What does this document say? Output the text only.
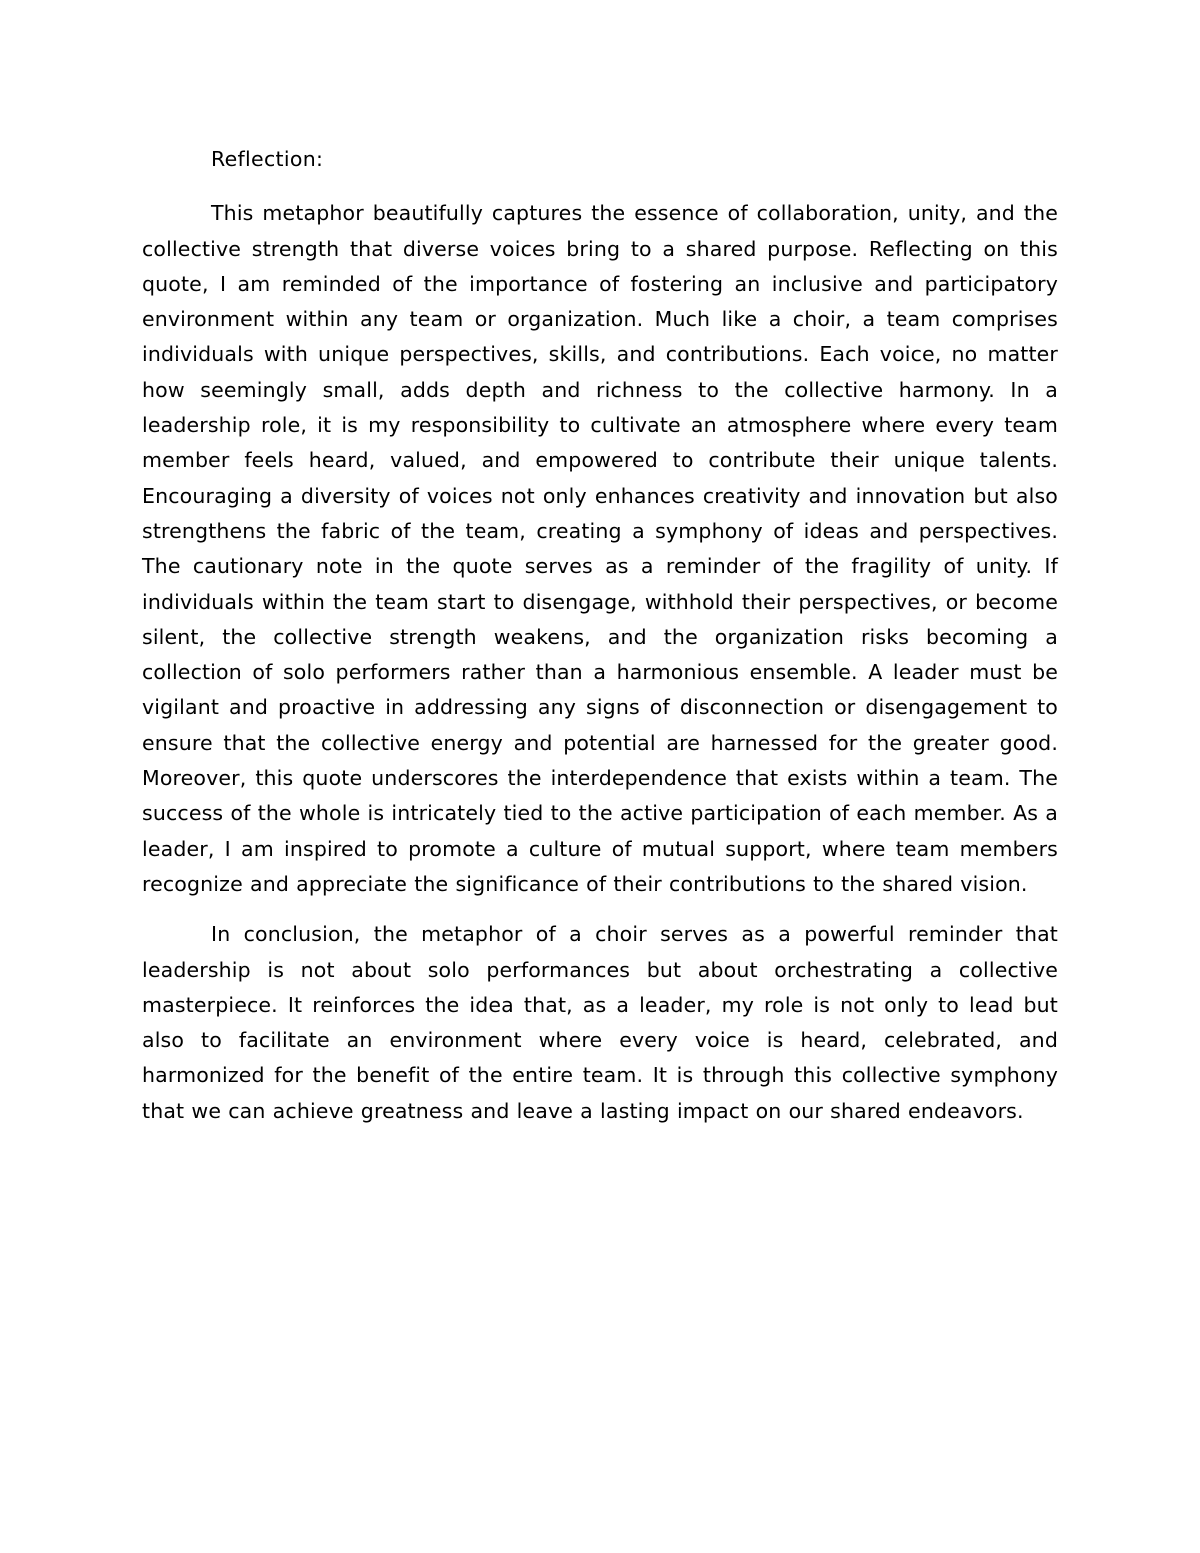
Reflection:

This metaphor beautifully captures the essence of collaboration, unity, and the collective strength that diverse voices bring to a shared purpose. Reflecting on this quote, I am reminded of the importance of fostering an inclusive and participatory environment within any team or organization. Much like a choir, a team comprises individuals with unique perspectives, skills, and contributions. Each voice, no matter how seemingly small, adds depth and richness to the collective harmony. In a leadership role, it is my responsibility to cultivate an atmosphere where every team member feels heard, valued, and empowered to contribute their unique talents. Encouraging a diversity of voices not only enhances creativity and innovation but also strengthens the fabric of the team, creating a symphony of ideas and perspectives. The cautionary note in the quote serves as a reminder of the fragility of unity. If individuals within the team start to disengage, withhold their perspectives, or become silent, the collective strength weakens, and the organization risks becoming a collection of solo performers rather than a harmonious ensemble. A leader must be vigilant and proactive in addressing any signs of disconnection or disengagement to ensure that the collective energy and potential are harnessed for the greater good. Moreover, this quote underscores the interdependence that exists within a team. The success of the whole is intricately tied to the active participation of each member. As a leader, I am inspired to promote a culture of mutual support, where team members recognize and appreciate the significance of their contributions to the shared vision.

In conclusion, the metaphor of a choir serves as a powerful reminder that leadership is not about solo performances but about orchestrating a collective masterpiece. It reinforces the idea that, as a leader, my role is not only to lead but also to facilitate an environment where every voice is heard, celebrated, and harmonized for the benefit of the entire team. It is through this collective symphony that we can achieve greatness and leave a lasting impact on our shared endeavors.
